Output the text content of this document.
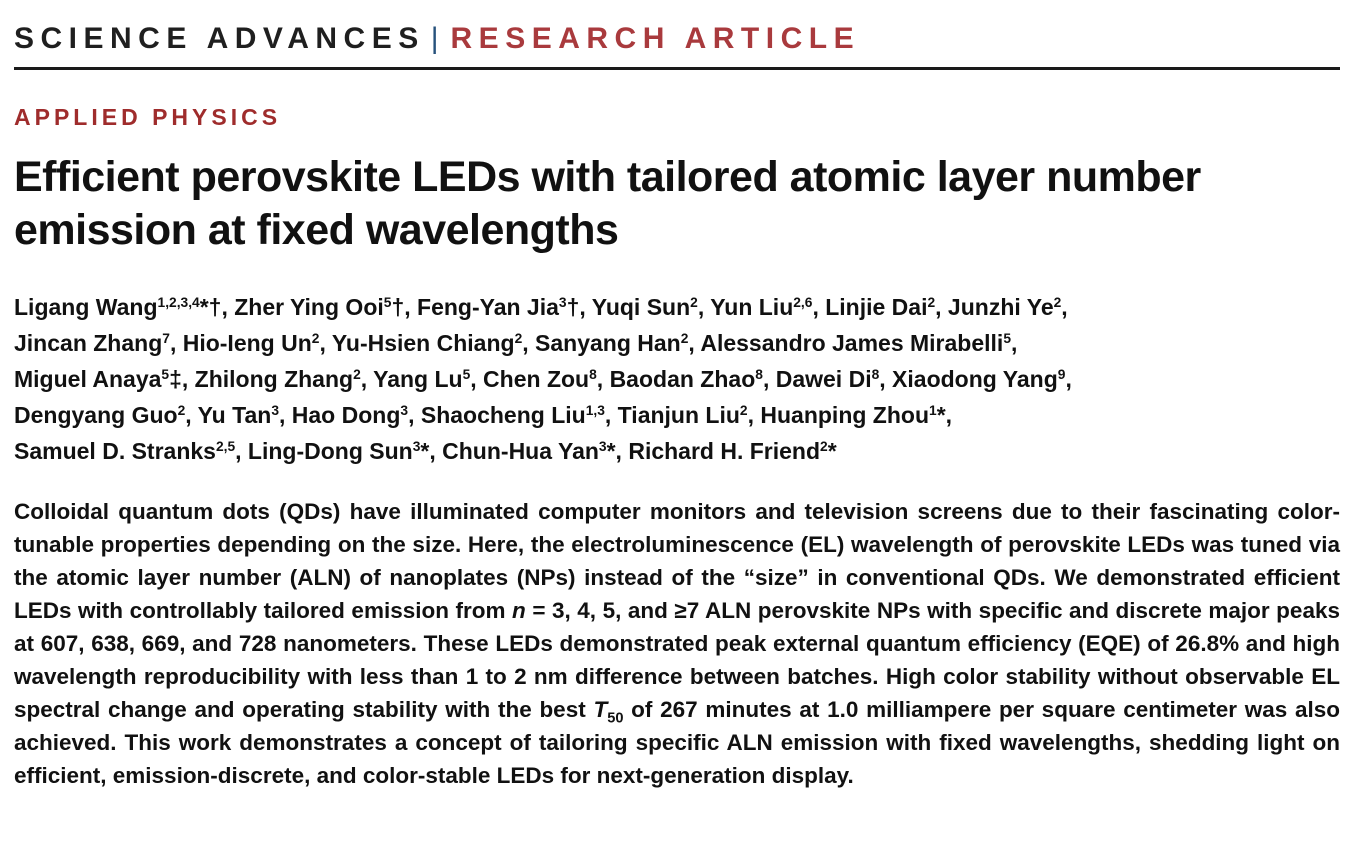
SCIENCE ADVANCES | RESEARCH ARTICLE
APPLIED PHYSICS
Efficient perovskite LEDs with tailored atomic layer number emission at fixed wavelengths
Ligang Wang$^{1,2,3,4}$*†, Zher Ying Ooi$^5$†, Feng-Yan Jia$^3$†, Yuqi Sun$^2$, Yun Liu$^{2,6}$, Linjie Dai$^2$, Junzhi Ye$^2$,
Jincan Zhang$^7$, Hio-Ieng Un$^2$, Yu-Hsien Chiang$^2$, Sanyang Han$^2$, Alessandro James Mirabelli$^5$,
Miguel Anaya$^5$‡, Zhilong Zhang$^2$, Yang Lu$^5$, Chen Zou$^8$, Baodan Zhao$^8$, Dawei Di$^8$, Xiaodong Yang$^9$,
Dengyang Guo$^2$, Yu Tan$^3$, Hao Dong$^3$, Shaocheng Liu$^{1,3}$, Tianjun Liu$^2$, Huanping Zhou$^1$*,
Samuel D. Stranks$^{2,5}$, Ling-Dong Sun$^3$*, Chun-Hua Yan$^3$*, Richard H. Friend$^2$*

Colloidal quantum dots (QDs) have illuminated computer monitors and television screens due to their fascinating color-tunable properties depending on the size. Here, the electroluminescence (EL) wavelength of perovskite LEDs was tuned via the atomic layer number (ALN) of nanoplates (NPs) instead of the “size” in conventional QDs. We demonstrated efficient LEDs with controllably tailored emission from n = 3, 4, 5, and ≥7 ALN perovskite NPs with specific and discrete major peaks at 607, 638, 669, and 728 nanometers. These LEDs demonstrated peak external quantum efficiency (EQE) of 26.8% and high wavelength reproducibility with less than 1 to 2 nm difference between batches. High color stability without observable EL spectral change and operating stability with the best $T_{50}$ of 267 minutes at 1.0 milliampere per square centimeter was also achieved. This work demonstrates a concept of tailoring specific ALN emission with fixed wavelengths, shedding light on efficient, emission-discrete, and color-stable LEDs for next-generation display.
